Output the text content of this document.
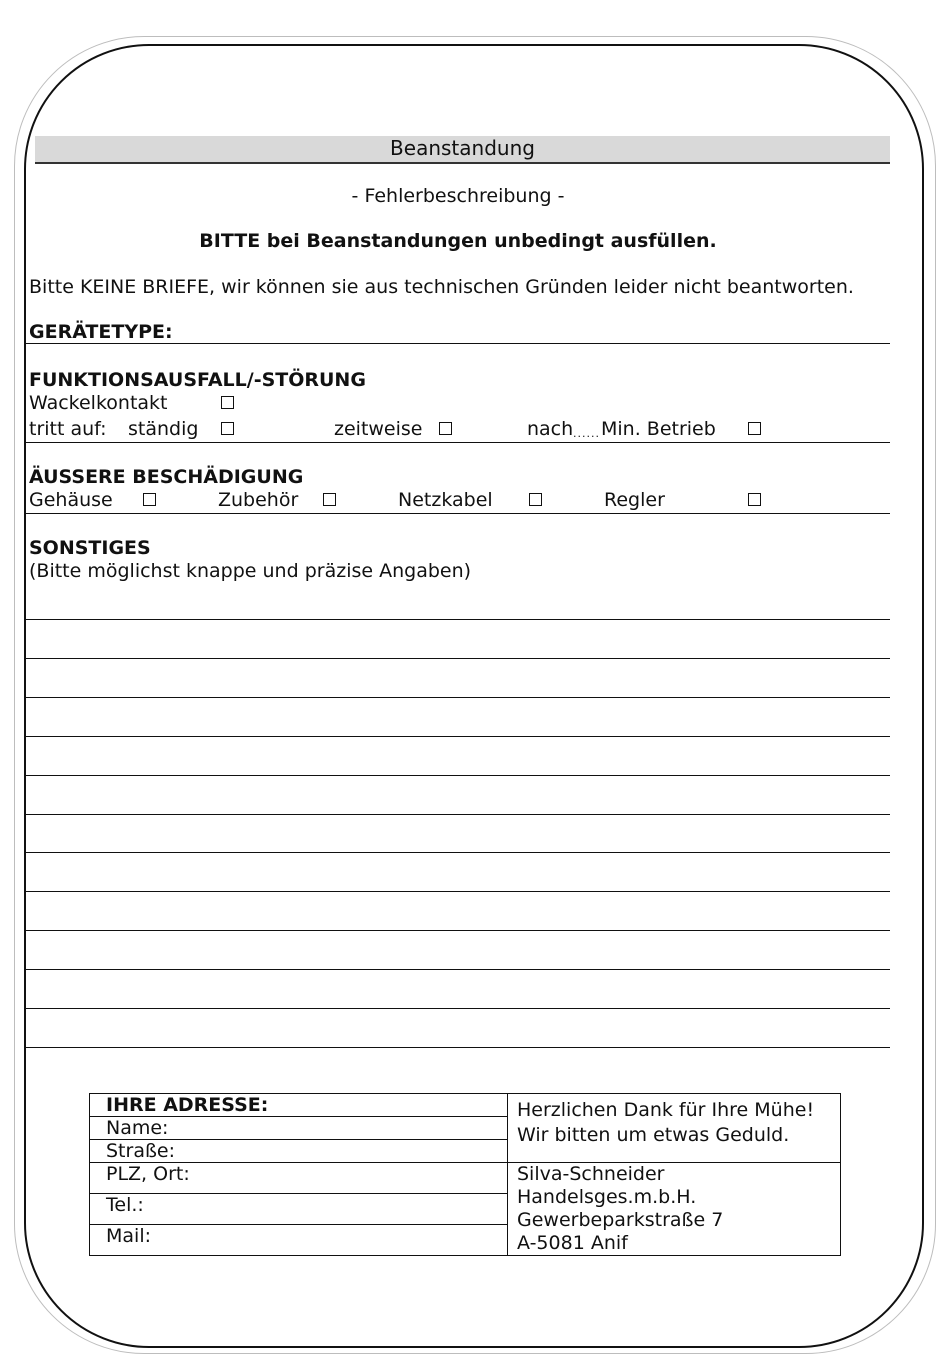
Beanstandung
- Fehlerbeschreibung -
BITTE bei Beanstandungen unbedingt ausfüllen.
Bitte KEINE BRIEFE, wir können sie aus technischen Gründen leider nicht beantworten.
GERÄTETYPE:
FUNKTIONSAUSFALL/-STÖRUNG
Wackelkontakt
tritt auf: ständig	zeitweise	nach ...... Min. Betrieb
ÄUSSERE BESCHÄDIGUNG
Gehäuse	Zubehör	Netzkabel	Regler
SONSTIGES
(Bitte möglichst knappe und präzise Angaben)
IHRE ADRESSE:	Herzlichen Dank für Ihre Mühe!
Wir bitten um etwas Geduld.

Name:	
Straße:	
PLZ, Ort:	Silva-Schneider Handelsges.m.b.H.
Gewerbeparkstraße 7
A-5081 Anif

Tel.:	
Mail:	
